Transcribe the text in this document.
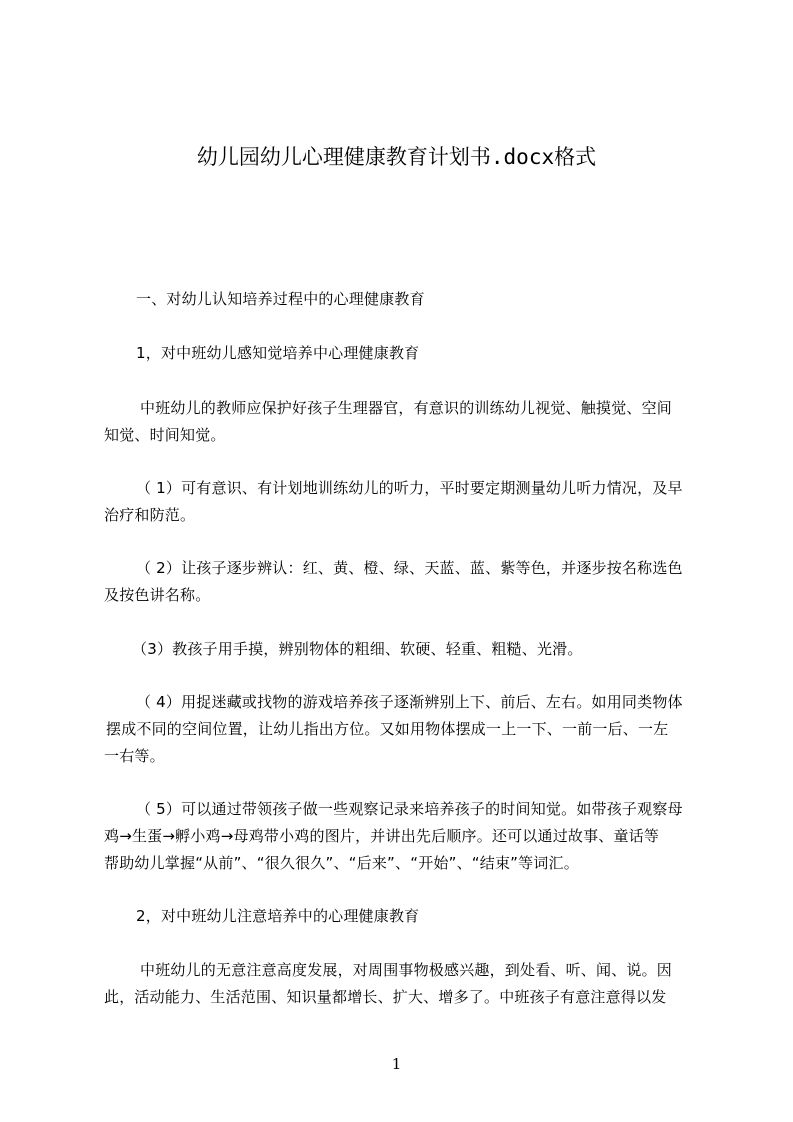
幼儿园幼儿心理健康教育计划书.docx格式
一、对幼儿认知培养过程中的心理健康教育
1，对中班幼儿感知觉培养中心理健康教育
中班幼儿的教师应保护好孩子生理器官，有意识的训练幼儿视觉、触摸觉、空间
知觉、时间知觉。
（ 1）可有意识、有计划地训练幼儿的听力，平时要定期测量幼儿听力情况，及早
治疗和防范。
（ 2）让孩子逐步辨认：红、黄、橙、绿、天蓝、蓝、紫等色，并逐步按名称选色
及按色讲名称。
（3）教孩子用手摸，辨别物体的粗细、软硬、轻重、粗糙、光滑。
（ 4）用捉迷藏或找物的游戏培养孩子逐渐辨别上下、前后、左右。如用同类物体
摆成不同的空间位置，让幼儿指出方位。又如用物体摆成一上一下、一前一后、一左
一右等。
（ 5）可以通过带领孩子做一些观察记录来培养孩子的时间知觉。如带孩子观察母
鸡→生蛋→孵小鸡→母鸡带小鸡的图片，并讲出先后顺序。还可以通过故事、童话等
帮助幼儿掌握“从前”、“很久很久”、“后来”、“开始”、“结束”等词汇。
2，对中班幼儿注意培养中的心理健康教育
中班幼儿的无意注意高度发展，对周围事物极感兴趣，到处看、听、闻、说。因
此，活动能力、生活范围、知识量都增长、扩大、增多了。中班孩子有意注意得以发
1
